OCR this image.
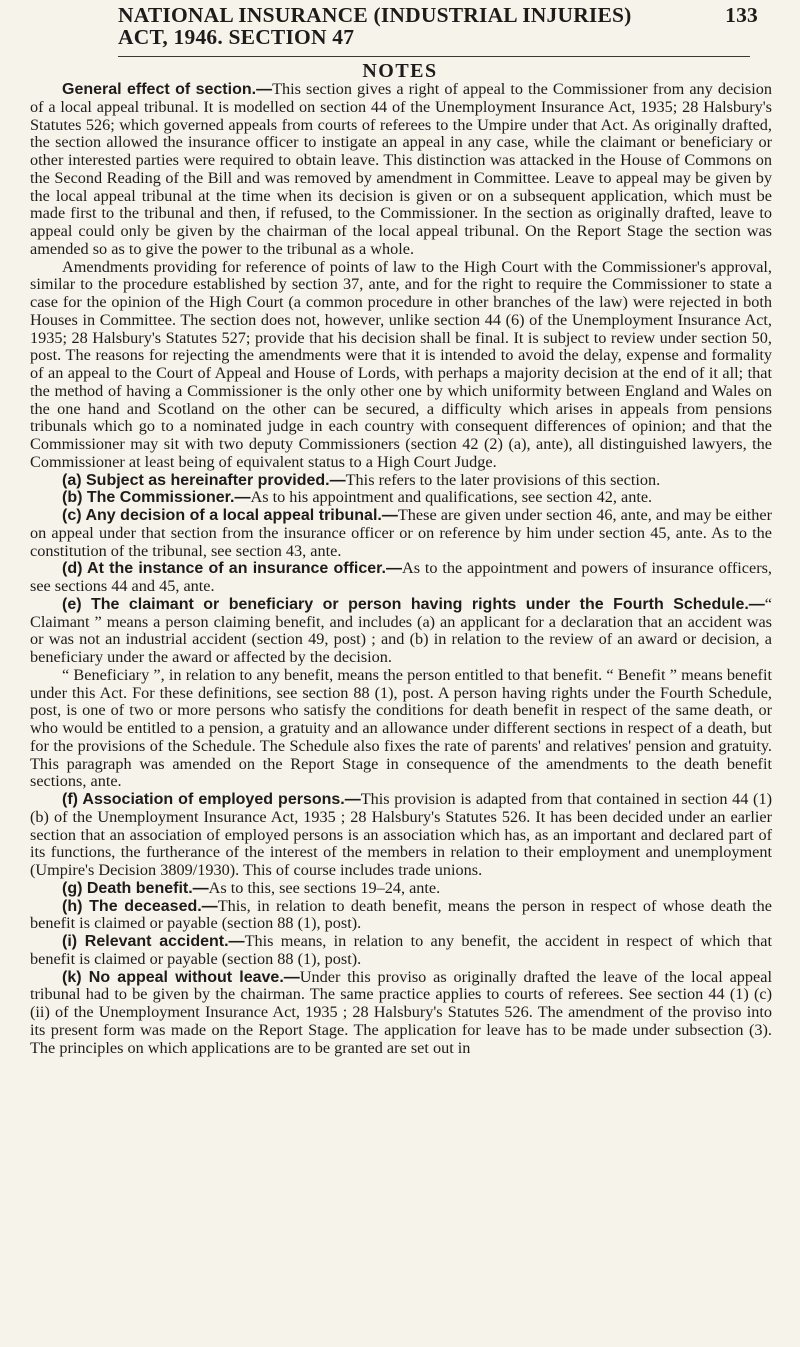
NATIONAL INSURANCE (INDUSTRIAL INJURIES)	133
ACT, 1946. SECTION 47
NOTES

General effect of section.—This section gives a right of appeal to the Commissioner from any decision of a local appeal tribunal. It is modelled on section 44 of the Unemployment Insurance Act, 1935; 28 Halsbury's Statutes 526; which governed appeals from courts of referees to the Umpire under that Act. As originally drafted, the section allowed the insurance officer to instigate an appeal in any case, while the claimant or beneficiary or other interested parties were required to obtain leave. This distinction was attacked in the House of Commons on the Second Reading of the Bill and was removed by amendment in Committee. Leave to appeal may be given by the local appeal tribunal at the time when its decision is given or on a subsequent application, which must be made first to the tribunal and then, if refused, to the Commissioner. In the section as originally drafted, leave to appeal could only be given by the chairman of the local appeal tribunal. On the Report Stage the section was amended so as to give the power to the tribunal as a whole.

Amendments providing for reference of points of law to the High Court with the Commissioner's approval, similar to the procedure established by section 37, ante, and for the right to require the Commissioner to state a case for the opinion of the High Court (a common procedure in other branches of the law) were rejected in both Houses in Committee. The section does not, however, unlike section 44 (6) of the Unemployment Insurance Act, 1935; 28 Halsbury's Statutes 527; provide that his decision shall be final. It is subject to review under section 50, post. The reasons for rejecting the amendments were that it is intended to avoid the delay, expense and formality of an appeal to the Court of Appeal and House of Lords, with perhaps a majority decision at the end of it all; that the method of having a Commissioner is the only other one by which uniformity between England and Wales on the one hand and Scotland on the other can be secured, a difficulty which arises in appeals from pensions tribunals which go to a nominated judge in each country with consequent differences of opinion; and that the Commissioner may sit with two deputy Commissioners (section 42 (2) (a), ante), all distinguished lawyers, the Commissioner at least being of equivalent status to a High Court Judge.

(a) Subject as hereinafter provided.—This refers to the later provisions of this section.

(b) The Commissioner.—As to his appointment and qualifications, see section 42, ante.

(c) Any decision of a local appeal tribunal.—These are given under section 46, ante, and may be either on appeal under that section from the insurance officer or on reference by him under section 45, ante. As to the constitution of the tribunal, see section 43, ante.

(d) At the instance of an insurance officer.—As to the appointment and powers of insurance officers, see sections 44 and 45, ante.

(e) The claimant or beneficiary or person having rights under the Fourth Schedule.—“ Claimant ” means a person claiming benefit, and includes (a) an applicant for a declaration that an accident was or was not an industrial accident (section 49, post) ; and (b) in relation to the review of an award or decision, a beneficiary under the award or affected by the decision.

“ Beneficiary ”, in relation to any benefit, means the person entitled to that benefit. “ Benefit ” means benefit under this Act. For these definitions, see section 88 (1), post. A person having rights under the Fourth Schedule, post, is one of two or more persons who satisfy the conditions for death benefit in respect of the same death, or who would be entitled to a pension, a gratuity and an allowance under different sections in respect of a death, but for the provisions of the Schedule. The Schedule also fixes the rate of parents' and relatives' pension and gratuity. This paragraph was amended on the Report Stage in consequence of the amendments to the death benefit sections, ante.

(f) Association of employed persons.—This provision is adapted from that contained in section 44 (1) (b) of the Unemployment Insurance Act, 1935 ; 28 Halsbury's Statutes 526. It has been decided under an earlier section that an association of employed persons is an association which has, as an important and declared part of its functions, the furtherance of the interest of the members in relation to their employment and unemployment (Umpire's Decision 3809/1930). This of course includes trade unions.

(g) Death benefit.—As to this, see sections 19–24, ante.

(h) The deceased.—This, in relation to death benefit, means the person in respect of whose death the benefit is claimed or payable (section 88 (1), post).

(i) Relevant accident.—This means, in relation to any benefit, the accident in respect of which that benefit is claimed or payable (section 88 (1), post).

(k) No appeal without leave.—Under this proviso as originally drafted the leave of the local appeal tribunal had to be given by the chairman. The same practice applies to courts of referees. See section 44 (1) (c) (ii) of the Unemployment Insurance Act, 1935 ; 28 Halsbury's Statutes 526. The amendment of the proviso into its present form was made on the Report Stage. The application for leave has to be made under subsection (3). The principles on which applications are to be granted are set out in
